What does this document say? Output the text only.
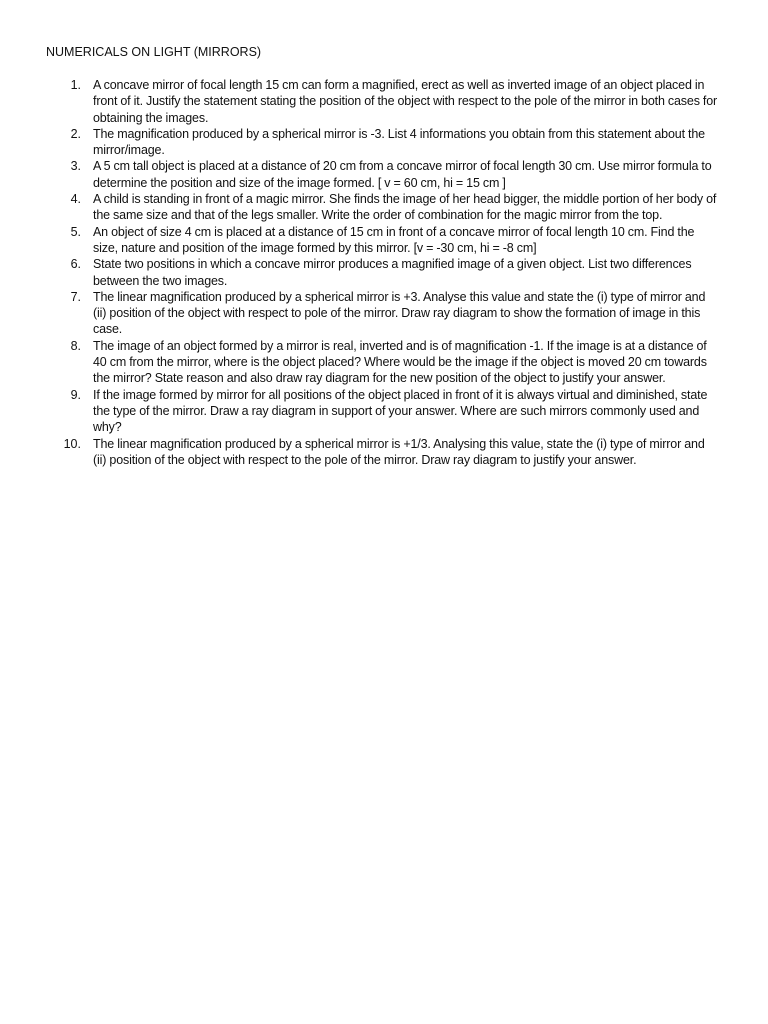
NUMERICALS ON LIGHT (MIRRORS)
1. A concave mirror of focal length 15 cm can form a magnified, erect as well as inverted image of an object placed in front of it. Justify the statement stating the position of the object with respect to the pole of the mirror in both cases for obtaining the images.
2. The magnification produced by a spherical mirror is -3. List 4 informations you obtain from this statement about the mirror/image.
3. A 5 cm tall object is placed at a distance of 20 cm from a concave mirror of focal length 30 cm. Use mirror formula to determine the position and size of the image formed. [ v = 60 cm, hi = 15 cm ]
4. A child is standing in front of a magic mirror. She finds the image of her head bigger, the middle portion of her body of the same size and that of the legs smaller. Write the order of combination for the magic mirror from the top.
5. An object of size 4 cm is placed at a distance of 15 cm in front of a concave mirror of focal length 10 cm. Find the size, nature and position of the image formed by this mirror. [v = -30 cm, hi = -8 cm]
6. State two positions in which a concave mirror produces a magnified image of a given object. List two differences between the two images.
7. The linear magnification produced by a spherical mirror is +3. Analyse this value and state the (i) type of mirror and (ii) position of the object with respect to pole of the mirror. Draw ray diagram to show the formation of image in this case.
8. The image of an object formed by a mirror is real, inverted and is of magnification -1. If the image is at a distance of 40 cm from the mirror, where is the object placed? Where would be the image if the object is moved 20 cm towards the mirror? State reason and also draw ray diagram for the new position of the object to justify your answer.
9. If the image formed by mirror for all positions of the object placed in front of it is always virtual and diminished, state the type of the mirror. Draw a ray diagram in support of your answer. Where are such mirrors commonly used and why?
10. The linear magnification produced by a spherical mirror is +1/3. Analysing this value, state the (i) type of mirror and (ii) position of the object with respect to the pole of the mirror. Draw ray diagram to justify your answer.
